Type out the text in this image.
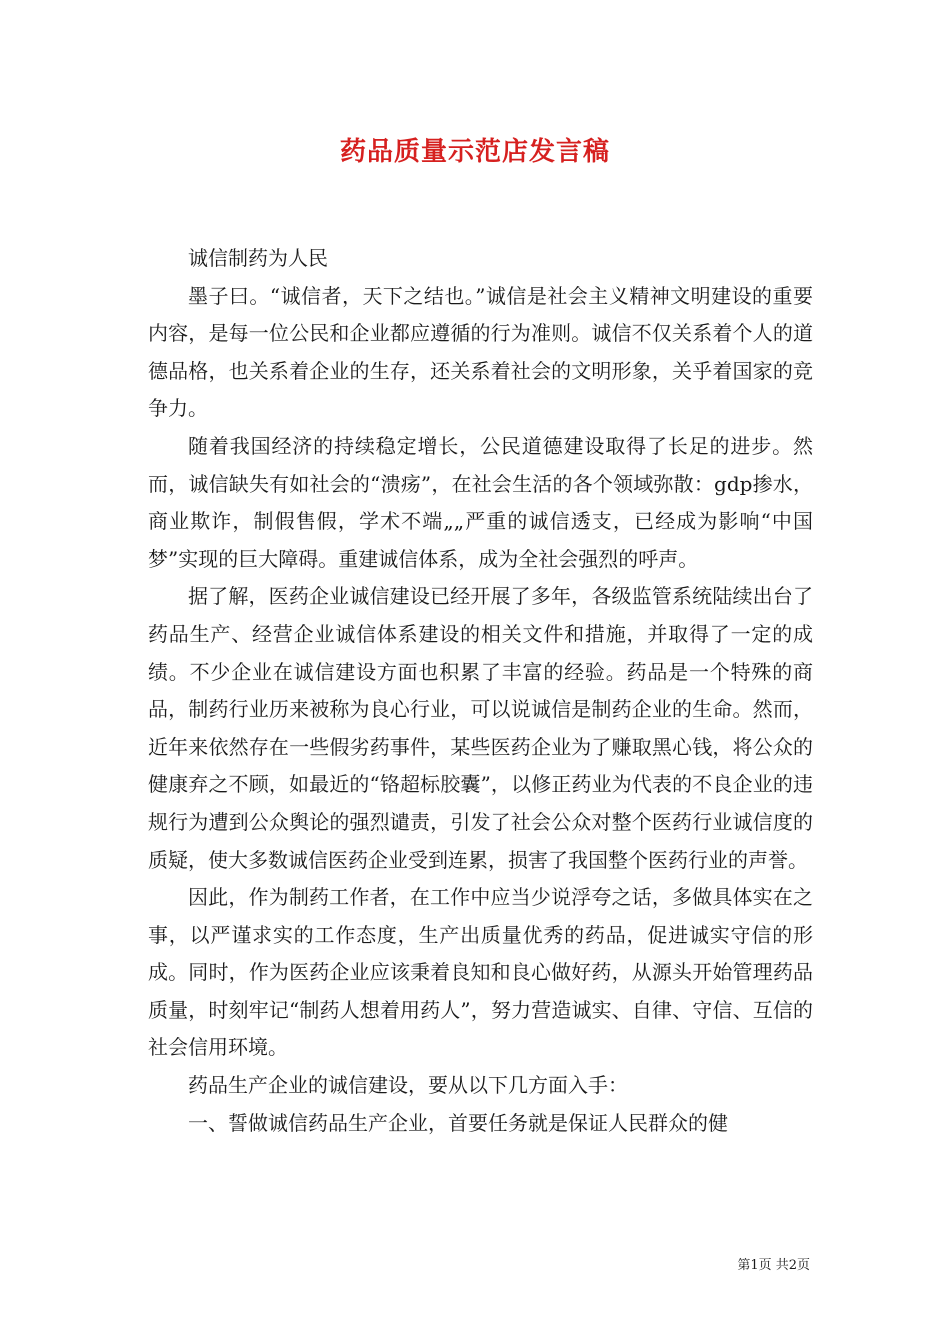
药品质量示范店发言稿

诚信制药为人民

墨子曰。“诚信者，天下之结也。”诚信是社会主义精神文明建设的重要内容，是每一位公民和企业都应遵循的行为准则。诚信不仅关系着个人的道德品格，也关系着企业的生存，还关系着社会的文明形象，关乎着国家的竞争力。

随着我国经济的持续稳定增长，公民道德建设取得了长足的进步。然而，诚信缺失有如社会的“溃疡”，在社会生活的各个领域弥散：gdp掺水，商业欺诈，制假售假，学术不端„„严重的诚信透支，已经成为影响“中国梦”实现的巨大障碍。重建诚信体系，成为全社会强烈的呼声。

据了解，医药企业诚信建设已经开展了多年，各级监管系统陆续出台了药品生产、经营企业诚信体系建设的相关文件和措施，并取得了一定的成绩。不少企业在诚信建设方面也积累了丰富的经验。药品是一个特殊的商品，制药行业历来被称为良心行业，可以说诚信是制药企业的生命。然而，近年来依然存在一些假劣药事件，某些医药企业为了赚取黑心钱，将公众的健康弃之不顾，如最近的“铬超标胶囊”，以修正药业为代表的不良企业的违规行为遭到公众舆论的强烈谴责，引发了社会公众对整个医药行业诚信度的质疑，使大多数诚信医药企业受到连累，损害了我国整个医药行业的声誉。

因此，作为制药工作者，在工作中应当少说浮夸之话，多做具体实在之事，以严谨求实的工作态度，生产出质量优秀的药品，促进诚实守信的形成。同时，作为医药企业应该秉着良知和良心做好药，从源头开始管理药品质量，时刻牢记“制药人想着用药人”，努力营造诚实、自律、守信、互信的社会信用环境。

药品生产企业的诚信建设，要从以下几方面入手：

一、誓做诚信药品生产企业，首要任务就是保证人民群众的健

第1页 共2页
